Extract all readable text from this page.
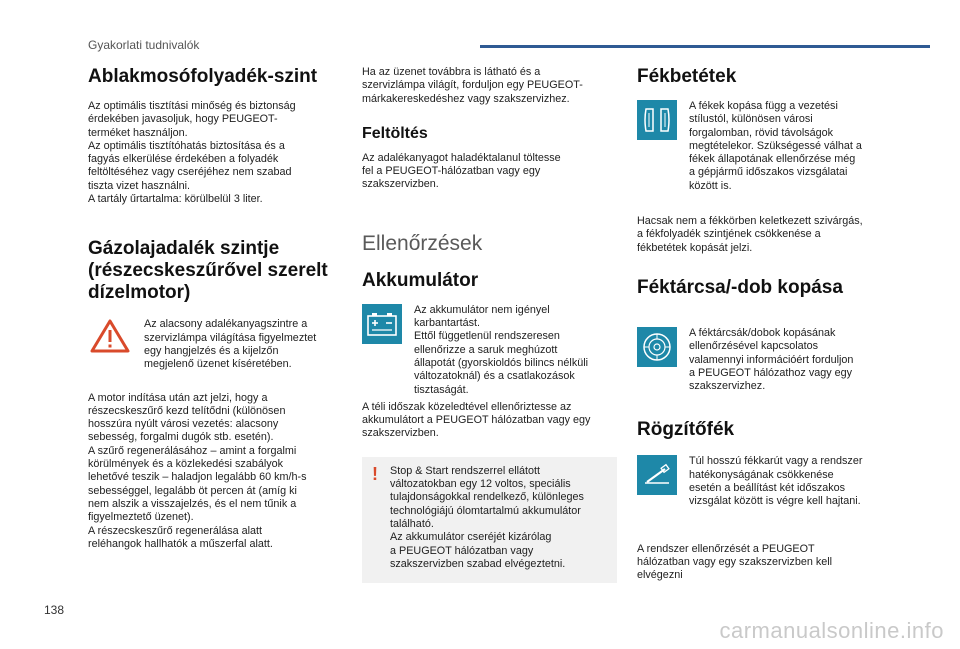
Gyakorlati tudnivalók
Ablakmosófolyadék-szint

Az optimális tisztítási minőség és biztonság

érdekében javasoljuk, hogy PEUGEOT-

terméket használjon.

Az optimális tisztítóhatás biztosítása és a

fagyás elkerülése érdekében a folyadék

feltöltéséhez vagy cseréjéhez nem szabad

tiszta vizet használni.

A tartály űrtartalma: körülbelül 3 liter.

Gázolajadalék szintje
(részecskeszűrővel szerelt
dízelmotor)

Az alacsony adalékanyagszintre a

szervizlámpa világítása figyelmeztet

egy hangjelzés és a kijelzőn

megjelenő üzenet kíséretében.

A motor indítása után azt jelzi, hogy a

részecskeszűrő kezd telítődni (különösen

hosszúra nyúlt városi vezetés: alacsony

sebesség, forgalmi dugók stb. esetén).

A szűrő regenerálásához – amint a forgalmi

körülmények és a közlekedési szabályok

lehetővé teszik – haladjon legalább 60 km/h-s

sebességgel, legalább öt percen át (amíg ki

nem alszik a visszajelzés, és el nem tűnik a

figyelmeztető üzenet).

A részecskeszűrő regenerálása alatt

reléhangok hallhatók a műszerfal alatt.

Ha az üzenet továbbra is látható és a

szervizlámpa világít, forduljon egy PEUGEOT-

márkakereskedéshez vagy szakszervizhez.

Feltöltés

Az adalékanyagot haladéktalanul töltesse

fel a PEUGEOT-hálózatban vagy egy

szakszervizben.

Ellenőrzések
Akkumulátor

Az akkumulátor nem igényel

karbantartást.

Ettől függetlenül rendszeresen

ellenőrizze a saruk meghúzott

állapotát (gyorskioldós bilincs nélküli

változatoknál) és a csatlakozások

tisztaságát.

A téli időszak közeledtével ellenőriztesse az

akkumulátort a PEUGEOT hálózatban vagy egy

szakszervizben.

!	Stop & Start rendszerrel ellátott

változatokban egy 12 voltos, speciális

tulajdonságokkal rendelkező, különleges

technológiájú ólomtartalmú akkumulátor

található.

Az akkumulátor cseréjét kizárólag

a PEUGEOT hálózatban vagy

szakszervizben szabad elvégeztetni.

Fékbetétek

A fékek kopása függ a vezetési

stílustól, különösen városi

forgalomban, rövid távolságok

megtételekor. Szükségessé válhat a

fékek állapotának ellenőrzése még

a gépjármű időszakos vizsgálatai

között is.

Hacsak nem a fékkörben keletkezett szivárgás,

a fékfolyadék szintjének csökkenése a

fékbetétek kopását jelzi.

Féktárcsa/-dob kopása

A féktárcsák/dobok kopásának

ellenőrzésével kapcsolatos

valamennyi információért forduljon

a PEUGEOT hálózathoz vagy egy

szakszervizhez.

Rögzítőfék

Túl hosszú fékkarút vagy a rendszer

hatékonyságának csökkenése

esetén a beállítást két időszakos

vizsgálat között is végre kell hajtani.

A rendszer ellenőrzését a PEUGEOT

hálózatban vagy egy szakszervizben kell

elvégezni

138
carmanualsonline.info
